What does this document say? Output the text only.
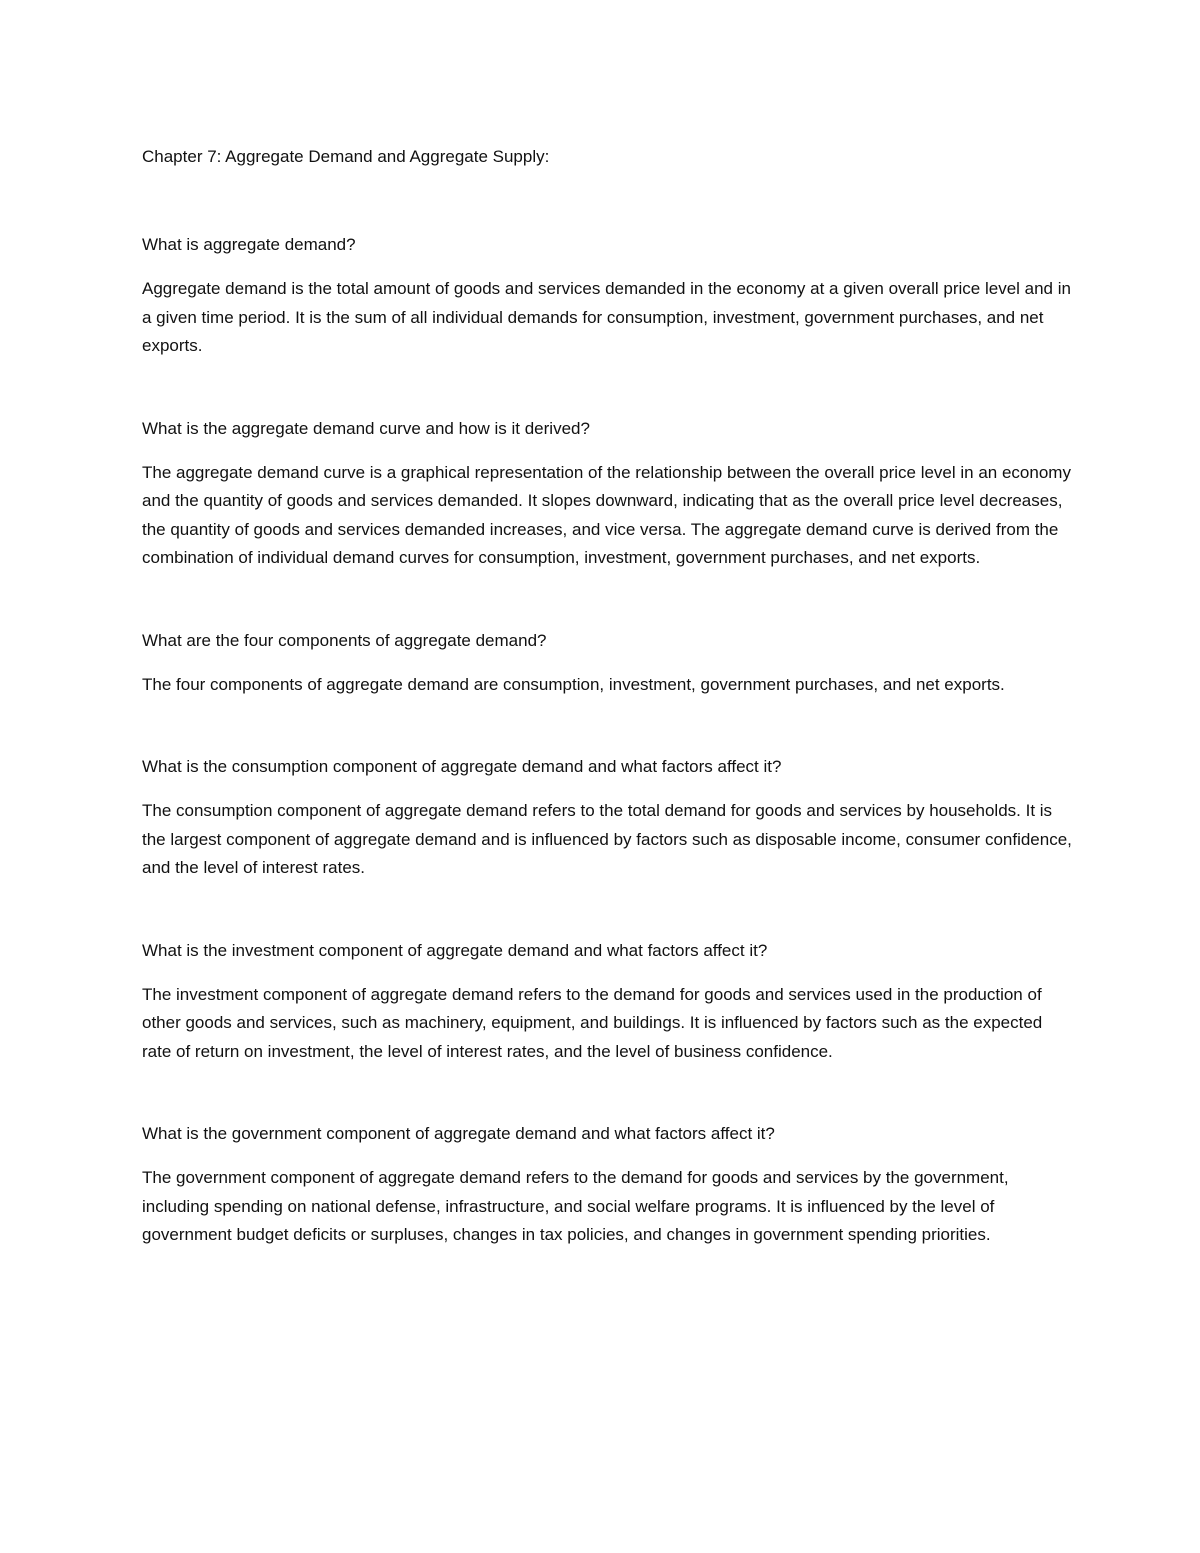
Chapter 7: Aggregate Demand and Aggregate Supply:
What is aggregate demand?

Aggregate demand is the total amount of goods and services demanded in the economy at a given overall price level and in a given time period. It is the sum of all individual demands for consumption, investment, government purchases, and net exports.

What is the aggregate demand curve and how is it derived?

The aggregate demand curve is a graphical representation of the relationship between the overall price level in an economy and the quantity of goods and services demanded. It slopes downward, indicating that as the overall price level decreases, the quantity of goods and services demanded increases, and vice versa. The aggregate demand curve is derived from the combination of individual demand curves for consumption, investment, government purchases, and net exports.

What are the four components of aggregate demand?

The four components of aggregate demand are consumption, investment, government purchases, and net exports.

What is the consumption component of aggregate demand and what factors affect it?

The consumption component of aggregate demand refers to the total demand for goods and services by households. It is the largest component of aggregate demand and is influenced by factors such as disposable income, consumer confidence, and the level of interest rates.

What is the investment component of aggregate demand and what factors affect it?

The investment component of aggregate demand refers to the demand for goods and services used in the production of other goods and services, such as machinery, equipment, and buildings. It is influenced by factors such as the expected rate of return on investment, the level of interest rates, and the level of business confidence.

What is the government component of aggregate demand and what factors affect it?

The government component of aggregate demand refers to the demand for goods and services by the government, including spending on national defense, infrastructure, and social welfare programs. It is influenced by the level of government budget deficits or surpluses, changes in tax policies, and changes in government spending priorities.
